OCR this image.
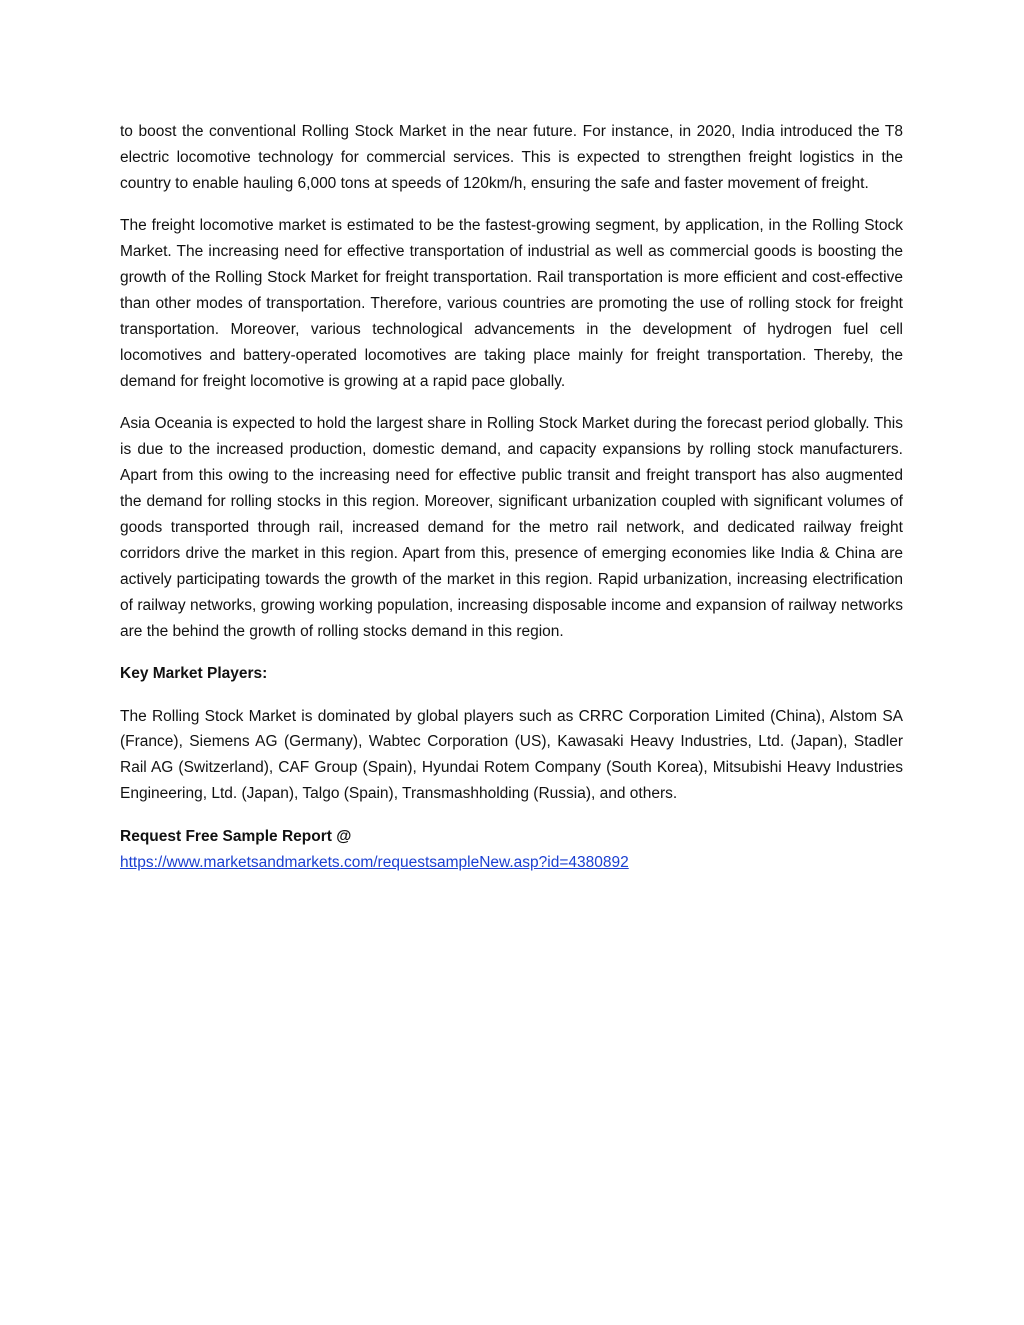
to boost the conventional Rolling Stock Market in the near future. For instance, in 2020, India introduced the T8 electric locomotive technology for commercial services. This is expected to strengthen freight logistics in the country to enable hauling 6,000 tons at speeds of 120km/h, ensuring the safe and faster movement of freight.

The freight locomotive market is estimated to be the fastest-growing segment, by application, in the Rolling Stock Market. The increasing need for effective transportation of industrial as well as commercial goods is boosting the growth of the Rolling Stock Market for freight transportation. Rail transportation is more efficient and cost-effective than other modes of transportation. Therefore, various countries are promoting the use of rolling stock for freight transportation. Moreover, various technological advancements in the development of hydrogen fuel cell locomotives and battery-operated locomotives are taking place mainly for freight transportation. Thereby, the demand for freight locomotive is growing at a rapid pace globally.

Asia Oceania is expected to hold the largest share in Rolling Stock Market during the forecast period globally. This is due to the increased production, domestic demand, and capacity expansions by rolling stock manufacturers. Apart from this owing to the increasing need for effective public transit and freight transport has also augmented the demand for rolling stocks in this region. Moreover, significant urbanization coupled with significant volumes of goods transported through rail, increased demand for the metro rail network, and dedicated railway freight corridors drive the market in this region. Apart from this, presence of emerging economies like India & China are actively participating towards the growth of the market in this region. Rapid urbanization, increasing electrification of railway networks, growing working population, increasing disposable income and expansion of railway networks are the behind the growth of rolling stocks demand in this region.

Key Market Players:

The Rolling Stock Market is dominated by global players such as CRRC Corporation Limited (China), Alstom SA (France), Siemens AG (Germany), Wabtec Corporation (US), Kawasaki Heavy Industries, Ltd. (Japan), Stadler Rail AG (Switzerland), CAF Group (Spain), Hyundai Rotem Company (South Korea), Mitsubishi Heavy Industries Engineering, Ltd. (Japan), Talgo (Spain), Transmashholding (Russia), and others.

Request Free Sample Report @
https://www.marketsandmarkets.com/requestsampleNew.asp?id=4380892
